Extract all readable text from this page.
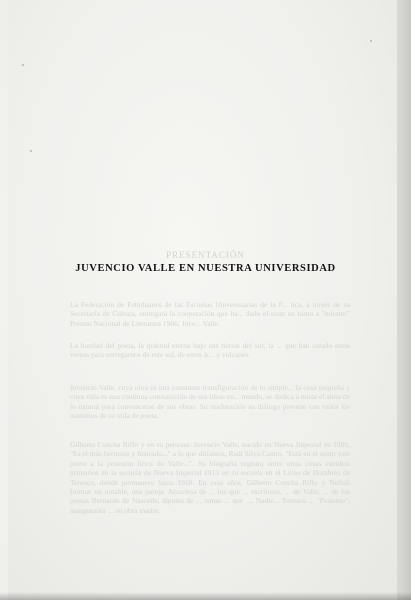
PRESENTACIÓN
JUVENCIO VALLE EN NUESTRA UNIVERSIDAD
La Federación de Estudiantes de las Escuelas Universitarias de la P... tica, a través de su Secretaría de Cultura, entregará la cooperación que ha... dado el estar en torno a "nuestro" Premio Nacional de Literatura 1966, Juve... Valle.
La bondad del poeta, la quietud eterna bajo sus tierras del sur, la ... que han creado estos versos para entregarnos de este sol, de estos ár... y volcanes.
Juvencio Valle, cuya obra es una constante transfiguración de lo simple... la cosa pequeña y cuya vida es una continua constatación de sus ideas en... mundo, se dedica a mirar el alma de lo natural para convencerse de sus obras. Su maduración su diálogo perenne con todos los misterios de su vida de poeta.
Gilberto Concha Riffo y en su persona: Juvencio Valle, nacido en Nueva Imperial en 1900, "Es el más hermoso y honrado..." a lo que diríamos, Raúl Silva Castro, "Está en el sentir este poeta a la posesión lírica de Valle...". Su biografía registra entre otras cosas estudios primarios en la escuela de Nueva Imperial 1913 en su escuela en el Liceo de Hombres de Temuco, donde permanece hasta 1918. En esos años, Gilberto Concha Riffo y Neftalí forman un notable, una pareja. Atraviesa de ... los que ... escritores, ... de Valle, ... de los poetas Bernardo de Nascelle, diputes de ... temas ... que ..., Nadie... Temuco ... "Pusismo", inaugurador ... su obra madre.
